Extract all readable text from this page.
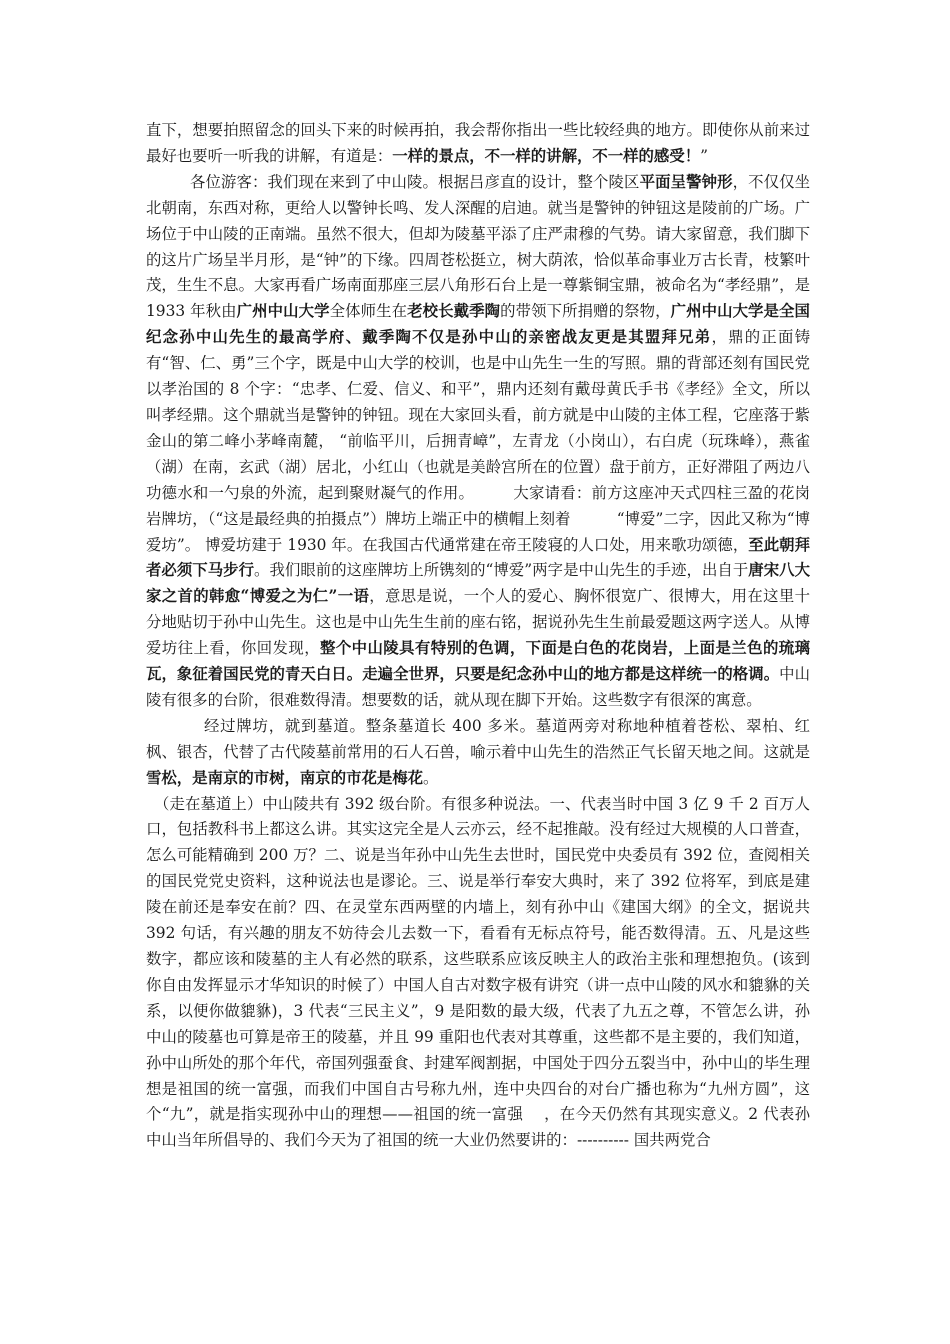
直下，想要拍照留念的回头下来的时候再拍，我会帮你指出一些比较经典的地方。即使你从前来过最好也要听一听我的讲解，有道是：一样的景点，不一样的讲解，不一样的感受！”

各位游客：我们现在来到了中山陵。根据吕彦直的设计，整个陵区平面呈警钟形，不仅仅坐北朝南，东西对称，更给人以警钟长鸣、发人深醒的启迪。就当是警钟的钟钮这是陵前的广场。广场位于中山陵的正南端。虽然不很大，但却为陵墓平添了庄严肃穆的气势。请大家留意，我们脚下的这片广场呈半月形，是“钟”的下缘。四周苍松挺立，树大荫浓，恰似革命事业万古长青，枝繁叶茂，生生不息。大家再看广场南面那座三层八角形石台上是一尊紫铜宝鼎，被命名为“孝经鼎”，是 1933 年秋由广州中山大学全体师生在老校长戴季陶的带领下所捐赠的祭物，广州中山大学是全国纪念孙中山先生的最高学府、戴季陶不仅是孙中山的亲密战友更是其盟拜兄弟，鼎的正面铸有“智、仁、勇”三个字，既是中山大学的校训，也是中山先生一生的写照。鼎的背部还刻有国民党以孝治国的 8 个字：“忠孝、仁爱、信义、和平”，鼎内还刻有戴母黄氏手书《孝经》全文，所以叫孝经鼎。这个鼎就当是警钟的钟钮。现在大家回头看，前方就是中山陵的主体工程，它座落于紫金山的第二峰小茅峰南麓， “前临平川，后拥青嶂”，左青龙（小岗山），右白虎（玩珠峰），燕雀（湖）在南，玄武（湖）居北，小红山（也就是美龄宫所在的位置）盘于前方，正好滞阻了两边八功德水和一勺泉的外流，起到聚财凝气的作用。　　　大家请看：前方这座冲天式四柱三盈的花岗岩牌坊，（“这是最经典的拍摄点”）牌坊上端正中的横帽上刻着　　　“博爱”二字，因此又称为“博爱坊”。 博爱坊建于 1930 年。在我国古代通常建在帝王陵寝的人口处，用来歌功颂德，至此朝拜者必须下马步行。我们眼前的这座牌坊上所镌刻的“博爱”两字是中山先生的手迹，出自于唐宋八大家之首的韩愈“博爱之为仁”一语，意思是说，一个人的爱心、胸怀很宽广、很博大，用在这里十分地贴切于孙中山先生。这也是中山先生生前的座右铭，据说孙先生生前最爱题这两字送人。从博爱坊往上看，你回发现，整个中山陵具有特别的色调，下面是白色的花岗岩，上面是兰色的琉璃瓦，象征着国民党的青天白日。走遍全世界，只要是纪念孙中山的地方都是这样统一的格调。中山陵有很多的台阶，很难数得清。想要数的话，就从现在脚下开始。这些数字有很深的寓意。

经过牌坊，就到墓道。整条墓道长 400 多米。墓道两旁对称地种植着苍松、翠柏、红枫、银杏，代替了古代陵墓前常用的石人石兽，喻示着中山先生的浩然正气长留天地之间。这就是雪松，是南京的市树，南京的市花是梅花。

（走在墓道上）中山陵共有 392 级台阶。有很多种说法。一、代表当时中国 3 亿 9 千 2 百万人口，包括教科书上都这么讲。其实这完全是人云亦云，经不起推敲。没有经过大规模的人口普查，怎么可能精确到 200 万？二、说是当年孙中山先生去世时，国民党中央委员有 392 位，查阅相关的国民党党史资料，这种说法也是谬论。三、说是举行奉安大典时，来了 392 位将军，到底是建陵在前还是奉安在前？四、在灵堂东西两壁的内墙上，刻有孙中山《建国大纲》的全文，据说共 392 句话，有兴趣的朋友不妨待会儿去数一下，看看有无标点符号，能否数得清。五、凡是这些数字，都应该和陵墓的主人有必然的联系，这些联系应该反映主人的政治主张和理想抱负。(该到你自由发挥显示才华知识的时候了）中国人自古对数字极有讲究（讲一点中山陵的风水和貔貅的关系，以便你做貔貅)，3 代表“三民主义”，9 是阳数的最大级，代表了九五之尊，不管怎么讲，孙中山的陵墓也可算是帝王的陵墓，并且 99 重阳也代表对其尊重，这些都不是主要的，我们知道，孙中山所处的那个年代，帝国列强蚕食、封建军阀割据，中国处于四分五裂当中，孙中山的毕生理想是祖国的统一富强，而我们中国自古号称九州，连中央四台的对台广播也称为“九州方圆”，这个“九”，就是指实现孙中山的理想——祖国的统一富强　 ，在今天仍然有其现实意义。2 代表孙中山当年所倡导的、我们今天为了祖国的统一大业仍然要讲的：---------- 国共两党合
